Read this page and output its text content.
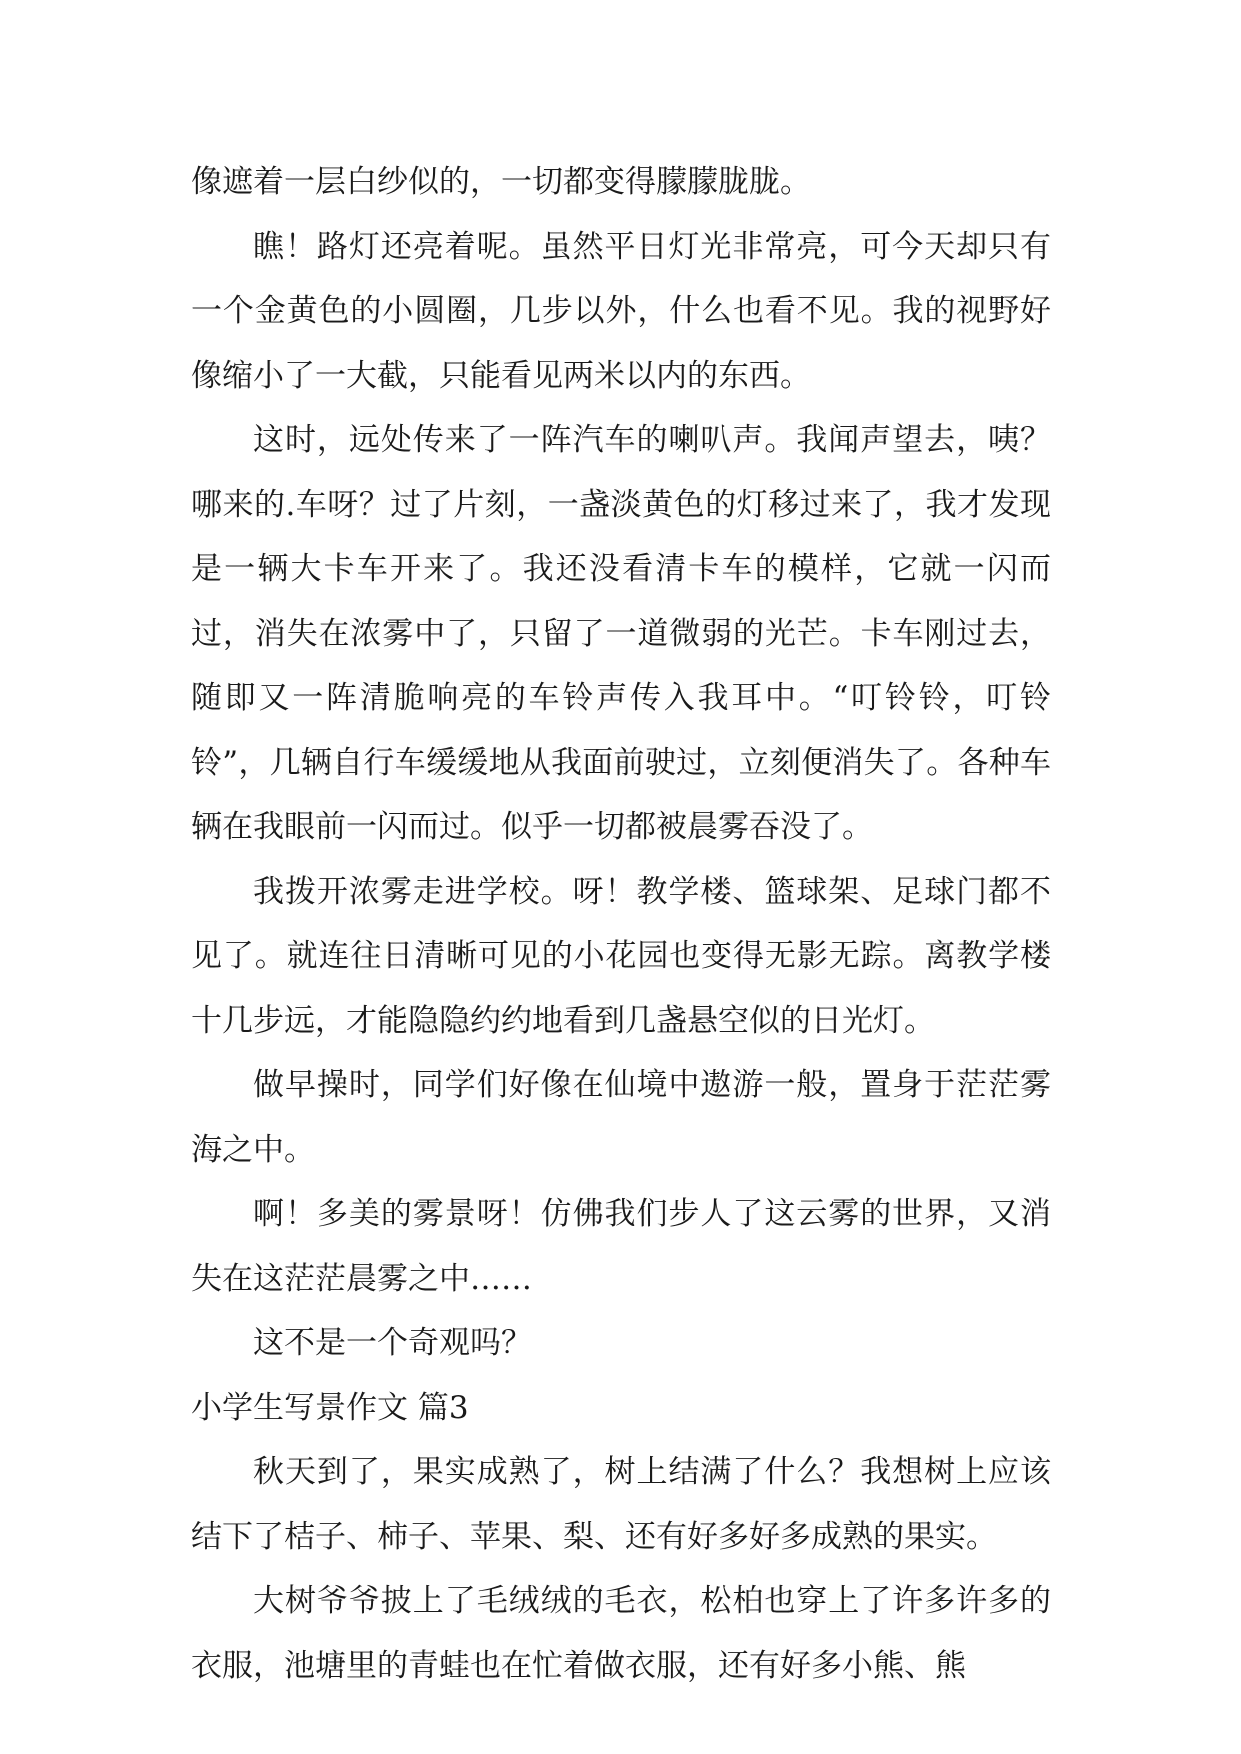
像遮着一层白纱似的，一切都变得朦朦胧胧。

瞧！路灯还亮着呢。虽然平日灯光非常亮，可今天却只有一个金黄色的小圆圈，几步以外，什么也看不见。我的视野好像缩小了一大截，只能看见两米以内的东西。

这时，远处传来了一阵汽车的喇叭声。我闻声望去，咦？哪来的.车呀？过了片刻，一盏淡黄色的灯移过来了，我才发现是一辆大卡车开来了。我还没看清卡车的模样，它就一闪而过，消失在浓雾中了，只留了一道微弱的光芒。卡车刚过去，随即又一阵清脆响亮的车铃声传入我耳中。“叮铃铃，叮铃铃”，几辆自行车缓缓地从我面前驶过，立刻便消失了。各种车辆在我眼前一闪而过。似乎一切都被晨雾吞没了。

我拨开浓雾走进学校。呀！教学楼、篮球架、足球门都不见了。就连往日清晰可见的小花园也变得无影无踪。离教学楼十几步远，才能隐隐约约地看到几盏悬空似的日光灯。

做早操时，同学们好像在仙境中遨游一般，置身于茫茫雾海之中。

啊！多美的雾景呀！仿佛我们步人了这云雾的世界，又消失在这茫茫晨雾之中……

这不是一个奇观吗？

小学生写景作文 篇3

秋天到了，果实成熟了，树上结满了什么？我想树上应该结下了桔子、柿子、苹果、梨、还有好多好多成熟的果实。

大树爷爷披上了毛绒绒的毛衣，松柏也穿上了许多许多的衣服，池塘里的青蛙也在忙着做衣服，还有好多小熊、熊
